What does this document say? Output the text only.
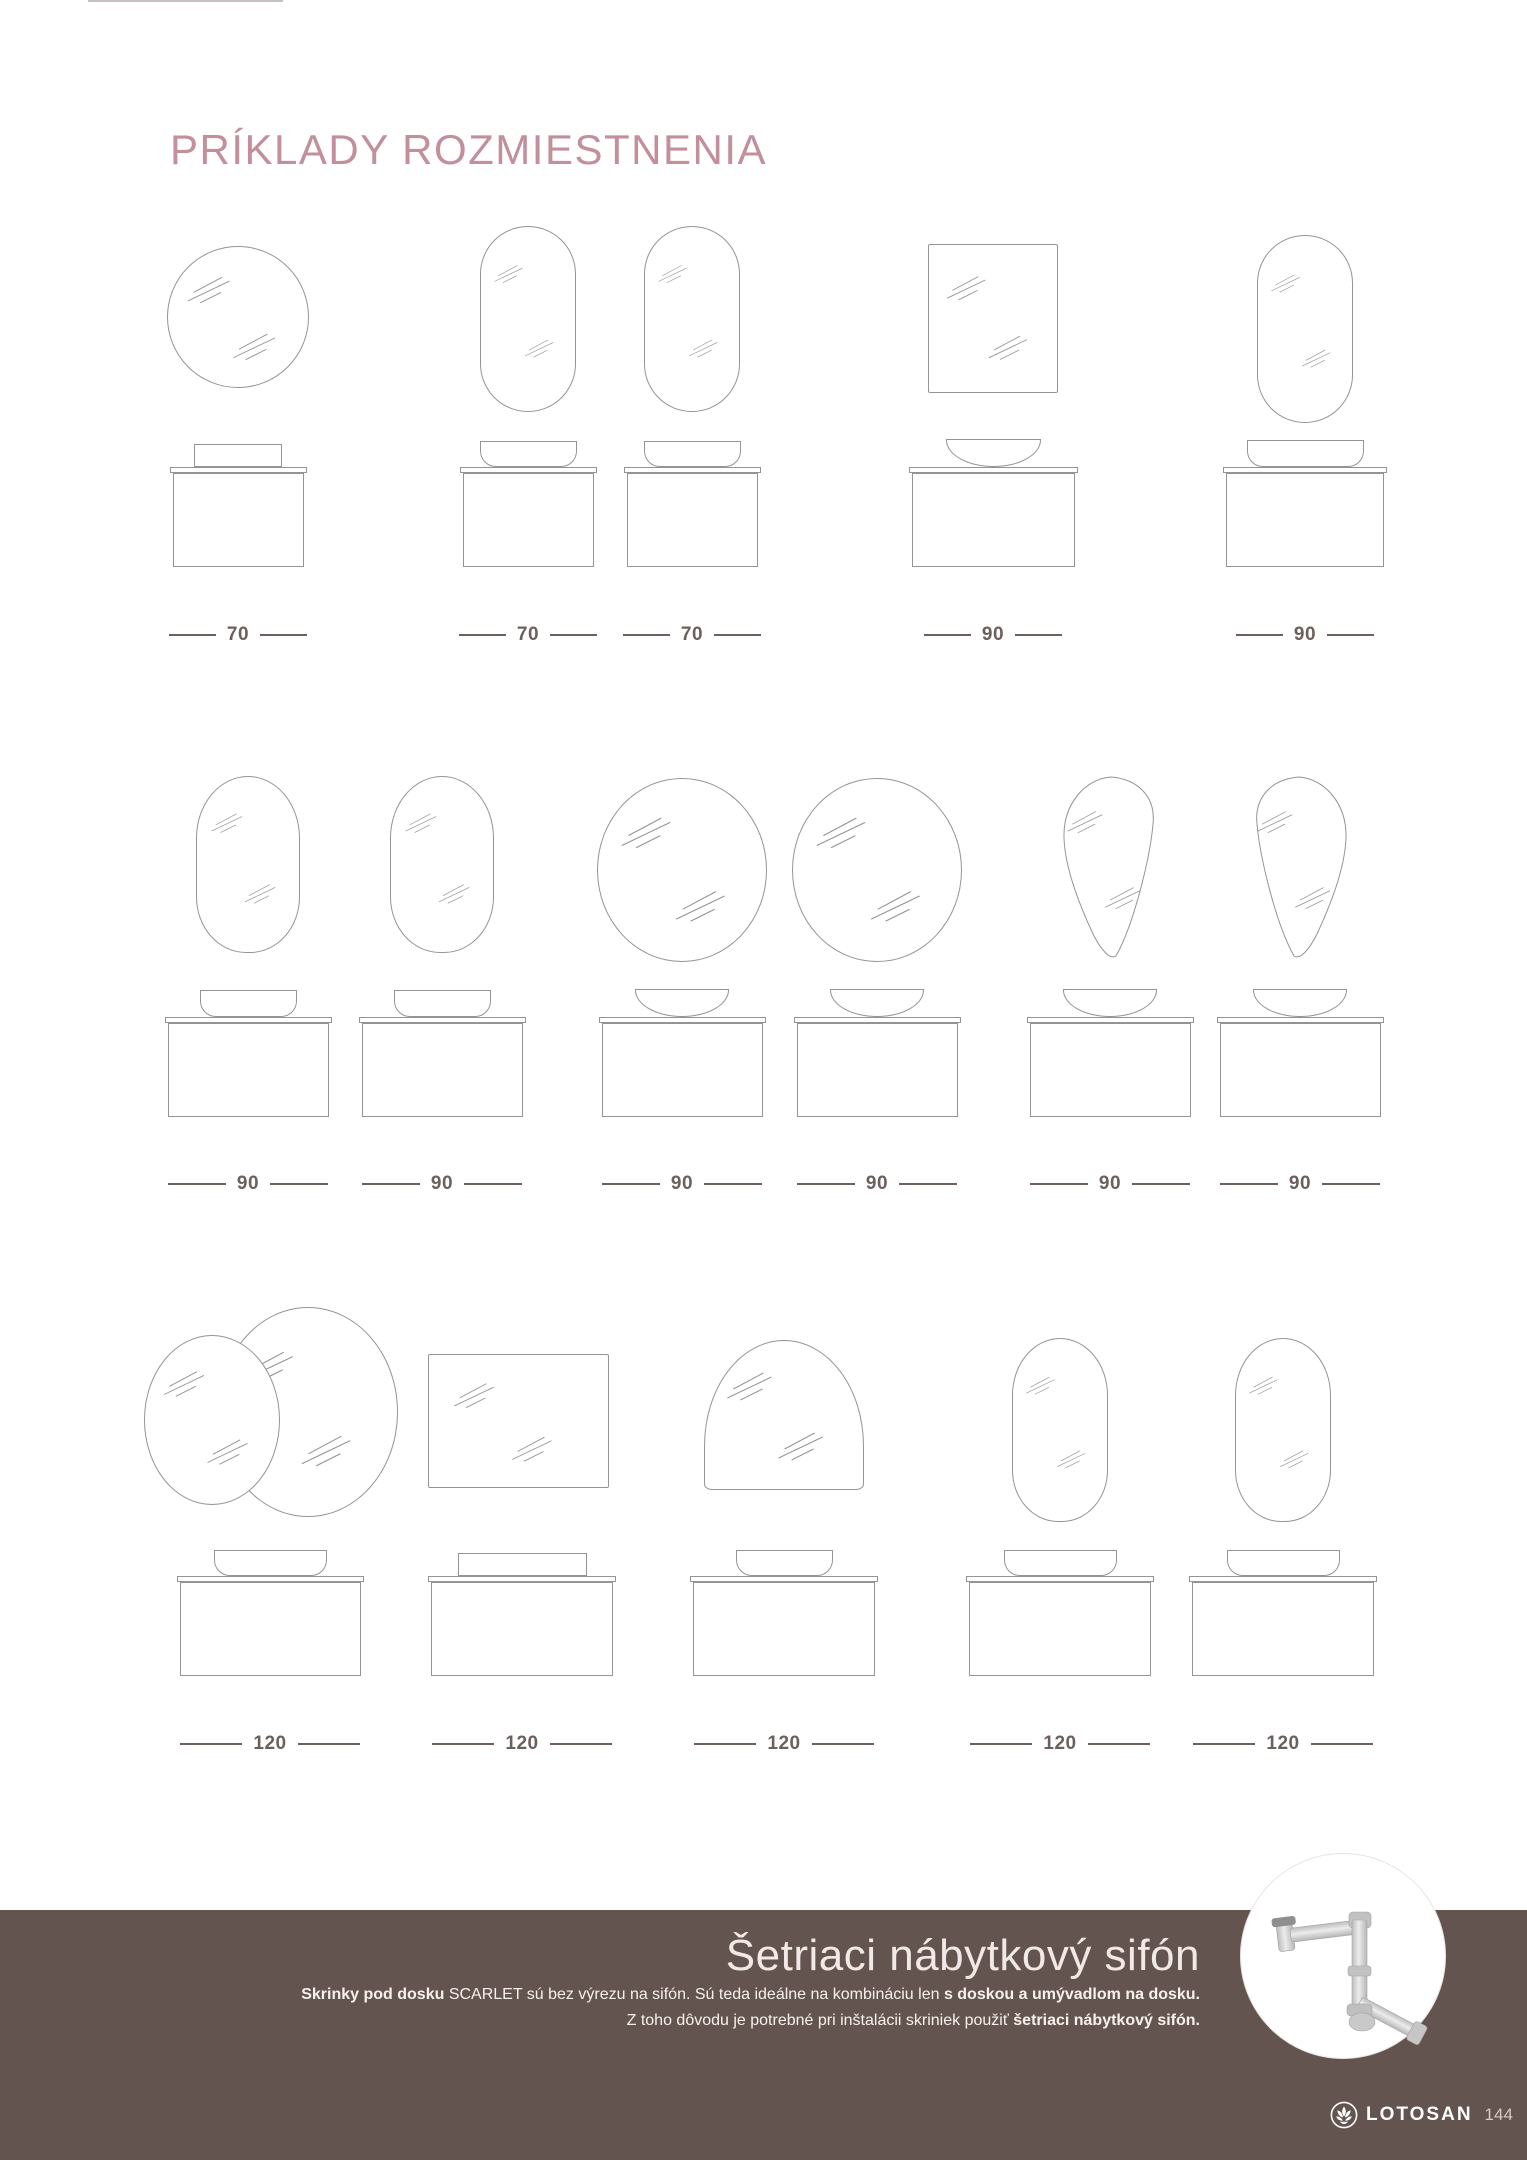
PRÍKLADY ROZMIESTNENIA
70	70	70	90	90
90	90	90	90	90	90
120	120	120	120	120
Šetriaci nábytkový sifón
Skrinky pod dosku SCARLET sú bez výrezu na sifón. Sú teda ideálne na kombináciu len s doskou a umývadlom na dosku.
Z toho dôvodu je potrebné pri inštalácii skriniek použiť šetriaci nábytkový sifón.
LOTOSAN 144
